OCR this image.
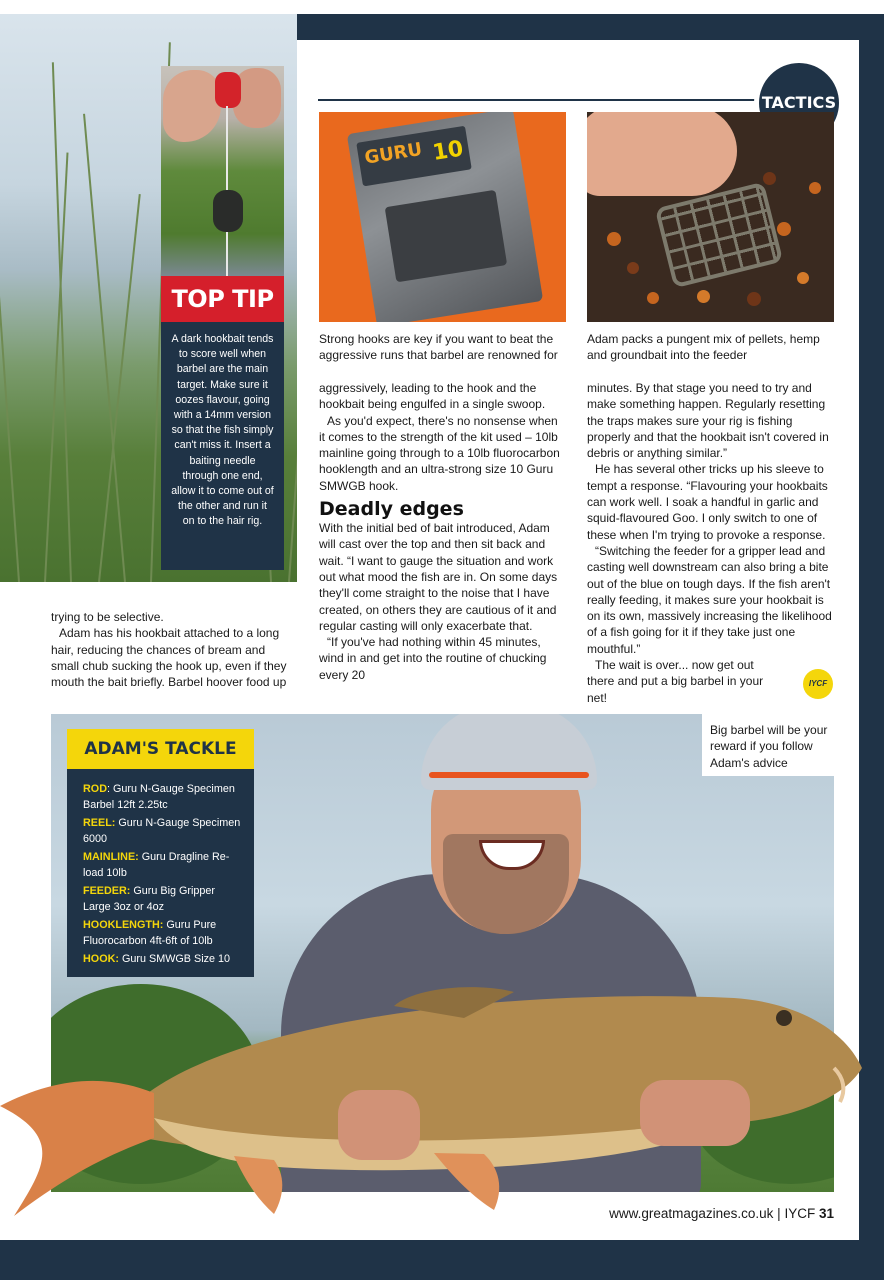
TOP TIP
A dark hookbait tends to score well when barbel are the main target. Make sure it oozes flavour, going with a 14mm version so that the fish simply can't miss it. Insert a baiting needle through one end, allow it to come out of the other and run it on to the hair rig.
TACTICS
GURU 10
Strong hooks are key if you want to beat the aggressive runs that barbel are renowned for
Adam packs a pungent mix of pellets, hemp and groundbait into the feeder

trying to be selective.

Adam has his hookbait attached to a long hair, reducing the chances of bream and small chub sucking the hook up, even if they mouth the bait briefly. Barbel hoover food up

aggressively, leading to the hook and the hookbait being engulfed in a single swoop.

As you'd expect, there's no nonsense when it comes to the strength of the kit used – 10lb mainline going through to a 10lb fluorocarbon hooklength and an ultra-strong size 10 Guru SMWGB hook.

Deadly edges

With the initial bed of bait introduced, Adam will cast over the top and then sit back and wait. “I want to gauge the situation and work out what mood the fish are in. On some days they'll come straight to the noise that I have created, on others they are cautious of it and regular casting will only exacerbate that.

“If you've had nothing within 45 minutes, wind in and get into the routine of chucking every 20

minutes. By that stage you need to try and make something happen. Regularly resetting the traps makes sure your rig is fishing properly and that the hookbait isn't covered in debris or anything similar.”

He has several other tricks up his sleeve to tempt a response. “Flavouring your hookbaits can work well. I soak a handful in garlic and squid-flavoured Goo. I only switch to one of these when I'm trying to provoke a response.

“Switching the feeder for a gripper lead and casting well downstream can also bring a bite out of the blue on tough days. If the fish aren't really feeding, it makes sure your hookbait is on its own, massively increasing the likelihood of a fish going for it if they take just one mouthful.”

The wait is over... now get out there and put a big barbel in your net!

IYCF
ADAM'S TACKLE
ROD: Guru N-Gauge Specimen Barbel 12ft 2.25tc
REEL: Guru N-Gauge Specimen 6000
MAINLINE: Guru Dragline Re-load 10lb
FEEDER: Guru Big Gripper Large 3oz or 4oz
HOOKLENGTH: Guru Pure Fluorocarbon 4ft-6ft of 10lb
HOOK: Guru SMWGB Size 10
Big barbel will be your reward if you follow Adam's advice
www.greatmagazines.co.uk | IYCF 31
